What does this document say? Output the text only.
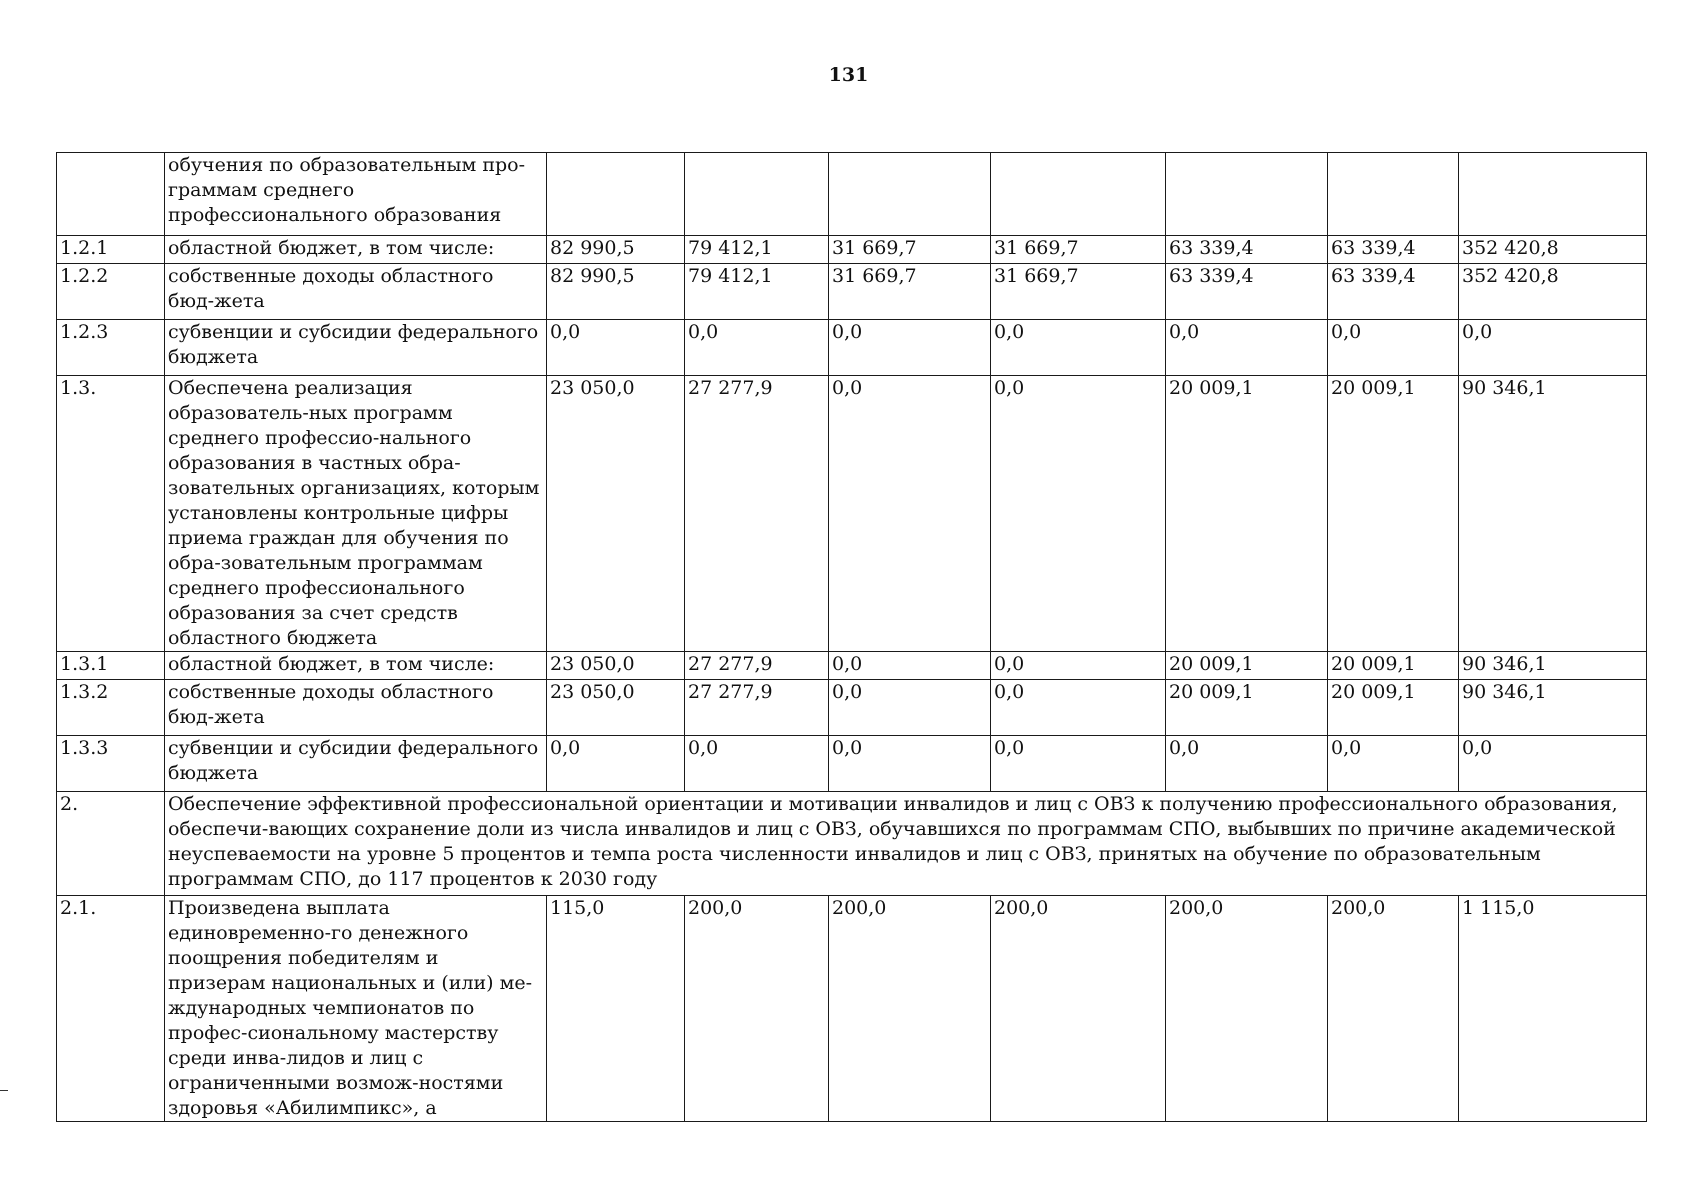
131
	обучения по образовательным про-граммам среднего профессионального образования							
1.2.1	областной бюджет, в том числе:	82 990,5	79 412,1	31 669,7	31 669,7	63 339,4	63 339,4	352 420,8
1.2.2	собственные доходы областного бюд-жета	82 990,5	79 412,1	31 669,7	31 669,7	63 339,4	63 339,4	352 420,8
1.2.3	субвенции и субсидии федерального бюджета	0,0	0,0	0,0	0,0	0,0	0,0	0,0
1.3.	Обеспечена реализация образователь-ных программ среднего профессио-нального образования в частных обра-зовательных организациях, которым установлены контрольные цифры приема граждан для обучения по обра-зовательным программам среднего профессионального образования за счет средств областного бюджета	23 050,0	27 277,9	0,0	0,0	20 009,1	20 009,1	90 346,1
1.3.1	областной бюджет, в том числе:	23 050,0	27 277,9	0,0	0,0	20 009,1	20 009,1	90 346,1
1.3.2	собственные доходы областного бюд-жета	23 050,0	27 277,9	0,0	0,0	20 009,1	20 009,1	90 346,1
1.3.3	субвенции и субсидии федерального бюджета	0,0	0,0	0,0	0,0	0,0	0,0	0,0
2.	Обеспечение эффективной профессиональной ориентации и мотивации инвалидов и лиц с ОВЗ к получению профессионального образования, обеспечи-вающих сохранение доли из числа инвалидов и лиц с ОВЗ, обучавшихся по программам СПО, выбывших по причине академической неуспеваемости на уровне 5 процентов и темпа роста численности инвалидов и лиц с ОВЗ, принятых на обучение по образовательным программам СПО, до 117 процентов к 2030 году							
2.1.	Произведена выплата единовременно-го денежного поощрения победителям и призерам национальных и (или) ме-ждународных чемпионатов по профес-сиональному мастерству среди инва-лидов и лиц с ограниченными возмож-ностями здоровья «Абилимпикс», а	115,0	200,0	200,0	200,0	200,0	200,0	1 115,0
